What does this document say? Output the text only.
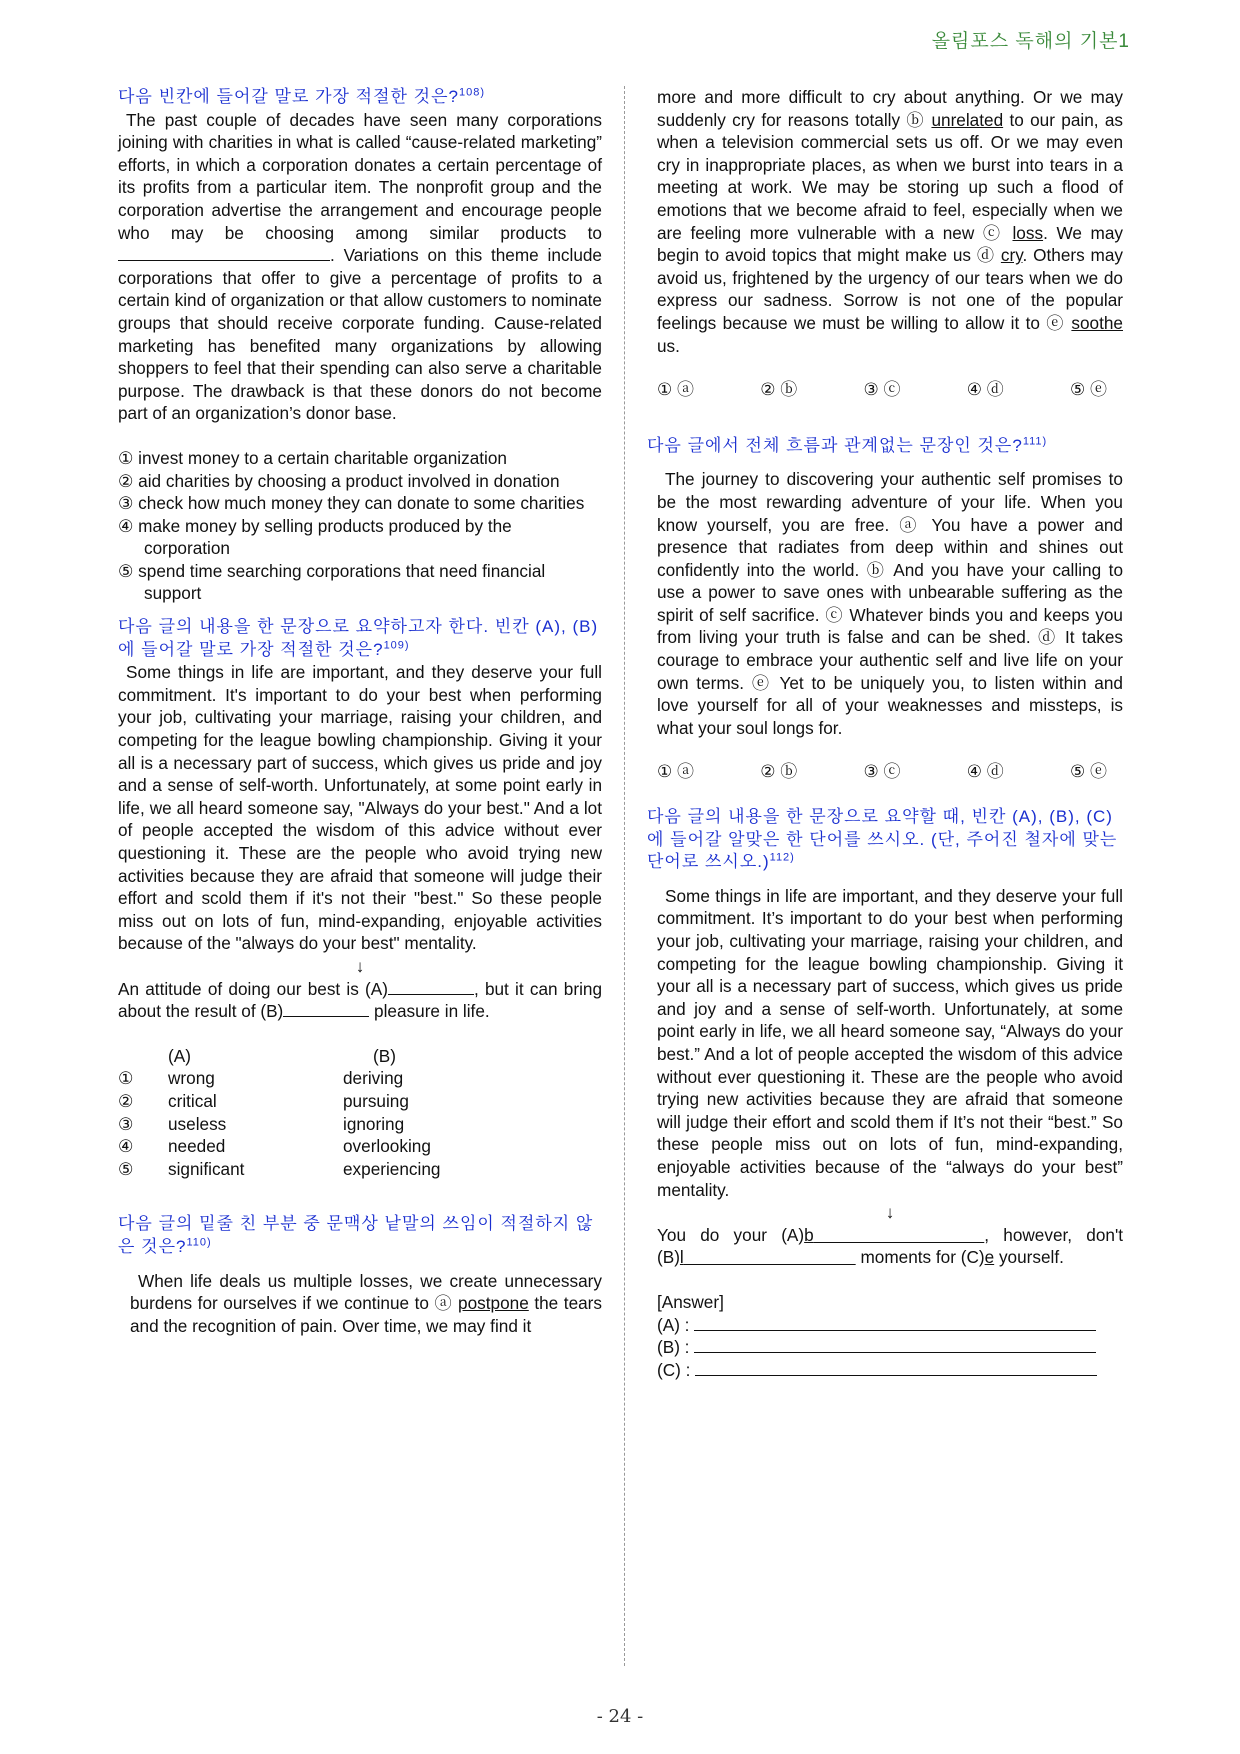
올림포스 독해의 기본1
다음 빈칸에 들어갈 말로 가장 적절한 것은?$^{108)}$

The past couple of decades have seen many corporations joining with charities in what is called “cause-related marketing” efforts, in which a corporation donates a certain percentage of its profits from a particular item. The nonprofit group and the corporation advertise the arrangement and encourage people who may be choosing among similar products to . Variations on this theme include corporations that offer to give a percentage of profits to a certain kind of organization or that allow customers to nominate groups that should receive corporate funding. Cause-related marketing has benefited many organizations by allowing shoppers to feel that their spending can also serve a charitable purpose. The drawback is that these donors do not become part of an organization’s donor base.

① invest money to a certain charitable organization

② aid charities by choosing a product involved in donation

③ check how much money they can donate to some charities

④ make money by selling products produced by the corporation

⑤ spend time searching corporations that need financial support

다음 글의 내용을 한 문장으로 요약하고자 한다. 빈칸 (A), (B)에 들어갈 말로 가장 적절한 것은?$^{109)}$

Some things in life are important, and they deserve your full commitment. It's important to do your best when performing your job, cultivating your marriage, raising your children, and competing for the league bowling championship. Giving it your all is a necessary part of success, which gives us pride and joy and a sense of self-worth. Unfortunately, at some point early in life, we all heard someone say, "Always do your best." And a lot of people accepted the wisdom of this advice without ever questioning it. These are the people who avoid trying new activities because they are afraid that someone will judge their effort and scold them if it's not their "best." So these people miss out on lots of fun, mind-expanding, enjoyable activities because of the "always do your best" mentality.

↓

An attitude of doing our best is (A)	, but it can bring about the result of (B)	pleasure in life.

	(A)	(B)
①	wrong	deriving
②	critical	pursuing
③	useless	ignoring
④	needed	overlooking
⑤	significant	experiencing
다음 글의 밑줄 친 부분 중 문맥상 낱말의 쓰임이 적절하지 않은 것은?$^{110)}$

When life deals us multiple losses, we create unnecessary burdens for ourselves if we continue to ⓐ postpone the tears and the recognition of pain. Over time, we may find it

more and more difficult to cry about anything. Or we may suddenly cry for reasons totally ⓑ unrelated to our pain, as when a television commercial sets us off. Or we may even cry in inappropriate places, as when we burst into tears in a meeting at work. We may be storing up such a flood of emotions that we become afraid to feel, especially when we are feeling more vulnerable with a new ⓒ loss. We may begin to avoid topics that might make us ⓓ cry. Others may avoid us, frightened by the urgency of our tears when we do express our sadness. Sorrow is not one of the popular feelings because we must be willing to allow it to ⓔ soothe us.

① ⓐ	② ⓑ	③ ⓒ	④ ⓓ	⑤ ⓔ
다음 글에서 전체 흐름과 관계없는 문장인 것은?$^{111)}$

The journey to discovering your authentic self promises to be the most rewarding adventure of your life. When you know yourself, you are free. ⓐ You have a power and presence that radiates from deep within and shines out confidently into the world. ⓑ And you have your calling to use a power to save ones with unbearable suffering as the spirit of self sacrifice. ⓒ Whatever binds you and keeps you from living your truth is false and can be shed. ⓓ It takes courage to embrace your authentic self and live life on your own terms. ⓔ Yet to be uniquely you, to listen within and love yourself for all of your weaknesses and missteps, is what your soul longs for.

① ⓐ	② ⓑ	③ ⓒ	④ ⓓ	⑤ ⓔ
다음 글의 내용을 한 문장으로 요약할 때, 빈칸 (A), (B), (C)에 들어갈 알맞은 한 단어를 쓰시오. (단, 주어진 철자에 맞는 단어로 쓰시오.)$^{112)}$

Some things in life are important, and they deserve your full commitment. It’s important to do your best when performing your job, cultivating your marriage, raising your children, and competing for the league bowling championship. Giving it your all is a necessary part of success, which gives us pride and joy and a sense of self-worth. Unfortunately, at some point early in life, we all heard someone say, “Always do your best.” And a lot of people accepted the wisdom of this advice without ever questioning it. These are the people who avoid trying new activities because they are afraid that someone will judge their effort and scold them if It’s not their “best.” So these people miss out on lots of fun, mind-expanding, enjoyable activities because of the “always do your best” mentality.

↓

You do your (A)b	, however, don't (B)l	moments for (C)e yourself.

[Answer]
(A) :
(B) :
(C) :
- 24 -
